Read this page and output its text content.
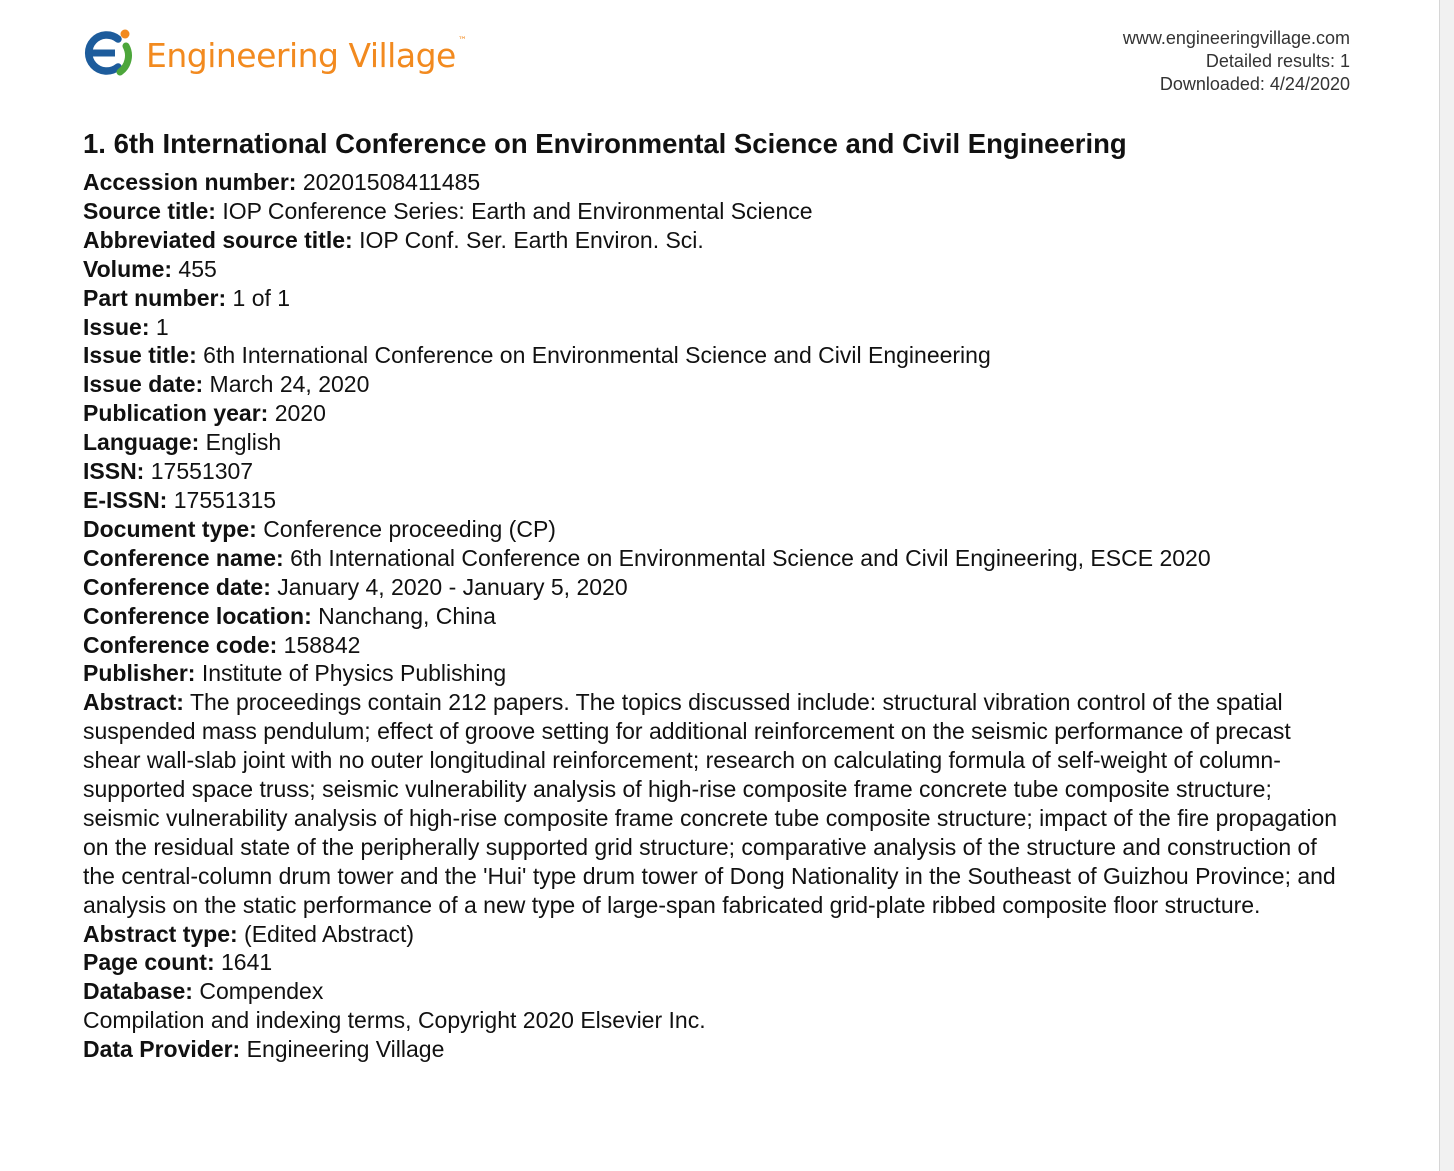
Engineering Village ™	www.engineeringvillage.com
Detailed results: 1
Downloaded: 4/24/2020
1. 6th International Conference on Environmental Science and Civil Engineering

Accession number: 20201508411485

Source title: IOP Conference Series: Earth and Environmental Science

Abbreviated source title: IOP Conf. Ser. Earth Environ. Sci.

Volume: 455

Part number: 1 of 1

Issue: 1

Issue title: 6th International Conference on Environmental Science and Civil Engineering

Issue date: March 24, 2020

Publication year: 2020

Language: English

ISSN: 17551307

E-ISSN: 17551315

Document type: Conference proceeding (CP)

Conference name: 6th International Conference on Environmental Science and Civil Engineering, ESCE 2020

Conference date: January 4, 2020 - January 5, 2020

Conference location: Nanchang, China

Conference code: 158842

Publisher: Institute of Physics Publishing

Abstract: The proceedings contain 212 papers. The topics discussed include: structural vibration control of the spatial suspended mass pendulum; effect of groove setting for additional reinforcement on the seismic performance of precast shear wall-slab joint with no outer longitudinal reinforcement; research on calculating formula of self-weight of column-supported space truss; seismic vulnerability analysis of high-rise composite frame concrete tube composite structure; seismic vulnerability analysis of high-rise composite frame concrete tube composite structure; impact of the fire propagation on the residual state of the peripherally supported grid structure; comparative analysis of the structure and construction of the central-column drum tower and the 'Hui' type drum tower of Dong Nationality in the Southeast of Guizhou Province; and analysis on the static performance of a new type of large-span fabricated grid-plate ribbed composite floor structure.

Abstract type: (Edited Abstract)

Page count: 1641

Database: Compendex

Compilation and indexing terms, Copyright 2020 Elsevier Inc.

Data Provider: Engineering Village
